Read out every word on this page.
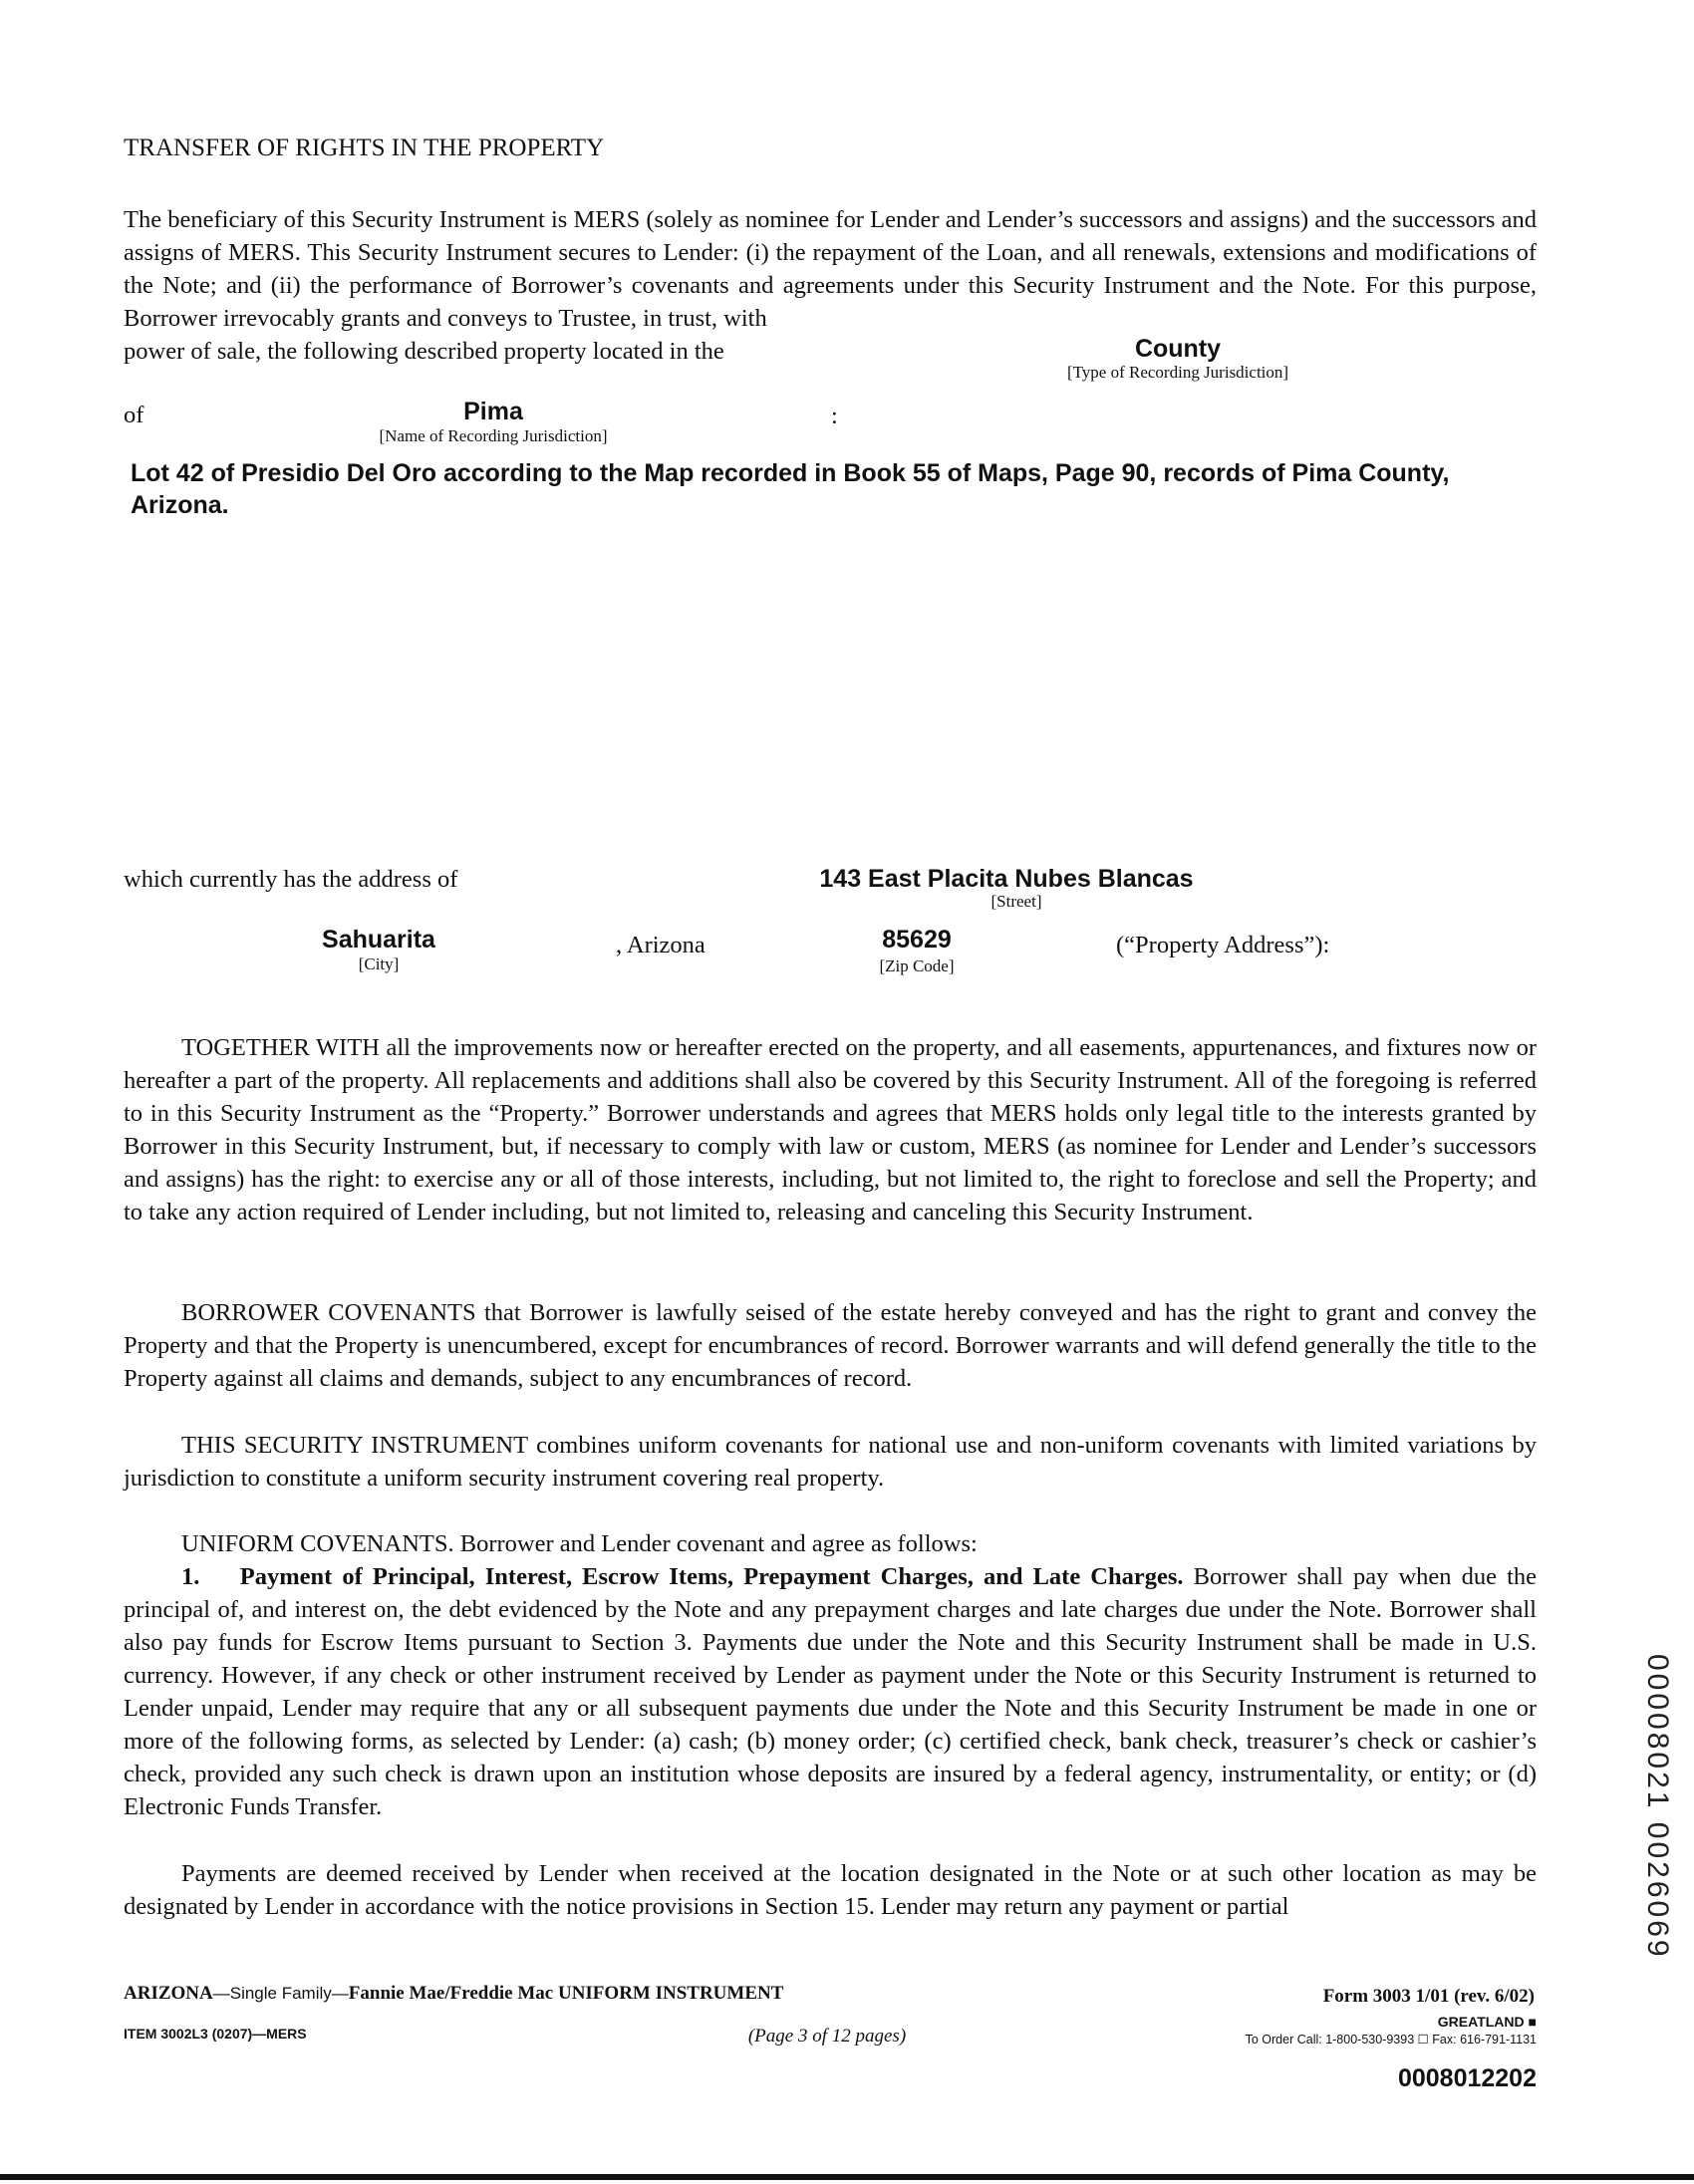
TRANSFER OF RIGHTS IN THE PROPERTY
The beneficiary of this Security Instrument is MERS (solely as nominee for Lender and Lender’s successors and assigns) and the successors and assigns of MERS. This Security Instrument secures to Lender: (i) the repayment of the Loan, and all renewals, extensions and modifications of the Note; and (ii) the performance of Borrower’s covenants and agreements under this Security Instrument and the Note. For this purpose, Borrower irrevocably grants and conveys to Trustee, in trust, with
power of sale, the following described property located in the	County
[Type of Recording Jurisdiction]
of	Pima
[Name of Recording Jurisdiction]
:
Lot 42 of Presidio Del Oro according to the Map recorded in Book 55 of Maps, Page 90, records of Pima County, Arizona.
which currently has the address of	143 East Placita Nubes Blancas
[Street]
Sahuarita
[City]
, Arizona	85629
[Zip Code]
(“Property Address”):
TOGETHER WITH all the improvements now or hereafter erected on the property, and all easements, appurtenances, and fixtures now or hereafter a part of the property. All replacements and additions shall also be covered by this Security Instrument. All of the foregoing is referred to in this Security Instrument as the “Property.” Borrower understands and agrees that MERS holds only legal title to the interests granted by Borrower in this Security Instrument, but, if necessary to comply with law or custom, MERS (as nominee for Lender and Lender’s successors and assigns) has the right: to exercise any or all of those interests, including, but not limited to, the right to foreclose and sell the Property; and to take any action required of Lender including, but not limited to, releasing and canceling this Security Instrument.
BORROWER COVENANTS that Borrower is lawfully seised of the estate hereby conveyed and has the right to grant and convey the Property and that the Property is unencumbered, except for encumbrances of record. Borrower warrants and will defend generally the title to the Property against all claims and demands, subject to any encumbrances of record.
THIS SECURITY INSTRUMENT combines uniform covenants for national use and non-uniform covenants with limited variations by jurisdiction to constitute a uniform security instrument covering real property.
UNIFORM COVENANTS. Borrower and Lender covenant and agree as follows:
1. Payment of Principal, Interest, Escrow Items, Prepayment Charges, and Late Charges. Borrower shall pay when due the principal of, and interest on, the debt evidenced by the Note and any prepayment charges and late charges due under the Note. Borrower shall also pay funds for Escrow Items pursuant to Section 3. Payments due under the Note and this Security Instrument shall be made in U.S. currency. However, if any check or other instrument received by Lender as payment under the Note or this Security Instrument is returned to Lender unpaid, Lender may require that any or all subsequent payments due under the Note and this Security Instrument be made in one or more of the following forms, as selected by Lender: (a) cash; (b) money order; (c) certified check, bank check, treasurer’s check or cashier’s check, provided any such check is drawn upon an institution whose deposits are insured by a federal agency, instrumentality, or entity; or (d) Electronic Funds Transfer.
Payments are deemed received by Lender when received at the location designated in the Note or at such other location as may be designated by Lender in accordance with the notice provisions in Section 15. Lender may return any payment or partial	00008021 0026069
ARIZONA—Single Family—Fannie Mae/Freddie Mac UNIFORM INSTRUMENT	Form 3003 1/01 (rev. 6/02)
ITEM 3002L3 (0207)—MERS	(Page 3 of 12 pages)
GREATLAND ■
To Order Call: 1-800-530-9393 ☐ Fax: 616-791-1131
0008012202
